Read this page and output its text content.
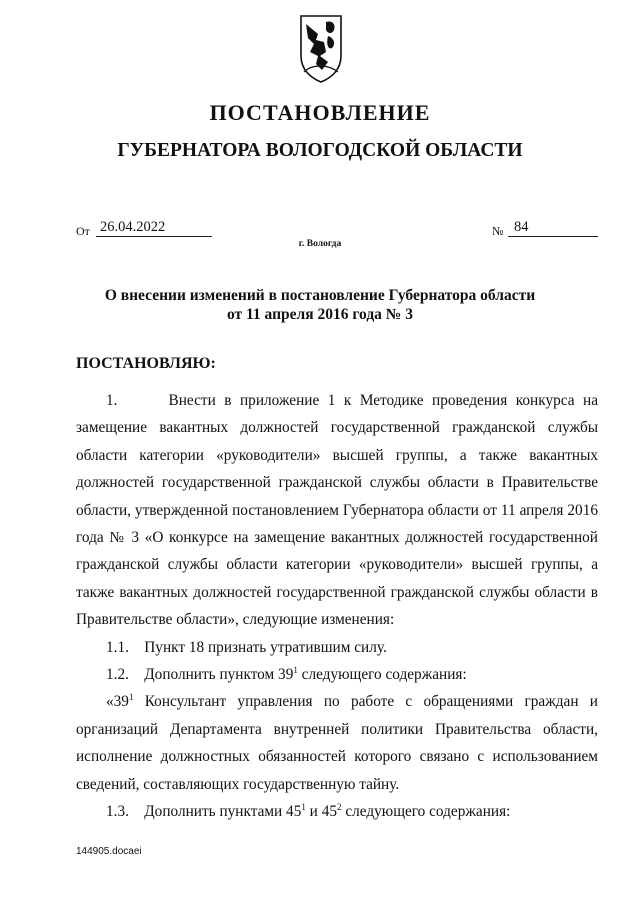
ПОСТАНОВЛЕНИЕ
ГУБЕРНАТОРА ВОЛОГОДСКОЙ ОБЛАСТИ
От 26.04.2022	№ 84
г. Вологда
О внесении изменений в постановление Губернатора области
от 11 апреля 2016 года № 3
ПОСТАНОВЛЯЮ:

1.      Внести в приложение 1 к Методике проведения конкурса на замещение вакантных должностей государственной гражданской службы области категории «руководители» высшей группы, а также вакантных должностей государственной гражданской службы области в Правительстве области, утвержденной постановлением Губернатора области от 11 апреля 2016 года № 3 «О конкурсе на замещение вакантных должностей государственной гражданской службы области категории «руководители» высшей группы, а также вакантных должностей государственной гражданской службы области в Правительстве области», следующие изменения:

1.1.    Пункт 18 признать утратившим силу.

1.2.    Дополнить пунктом $39^1$ следующего содержания:

«$39^1$ Консультант управления по работе с обращениями граждан и организаций Департамента внутренней политики Правительства области, исполнение должностных обязанностей которого связано с использованием сведений, составляющих государственную тайну.

1.3.    Дополнить пунктами $45^1$ и $45^2$ следующего содержания:

144905.docaei
